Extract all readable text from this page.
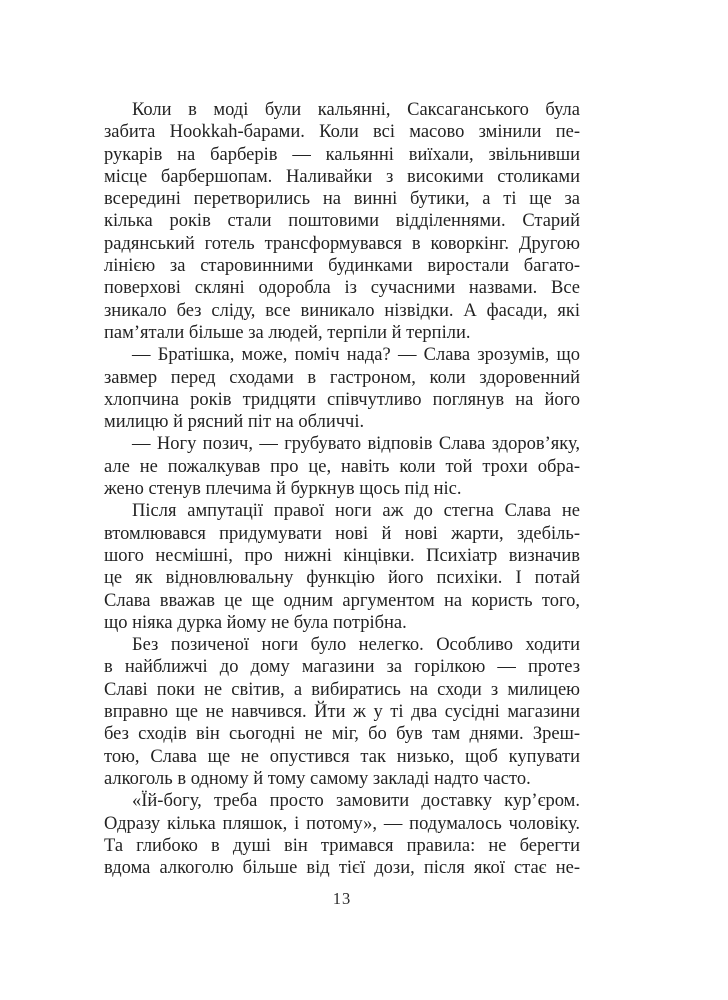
Коли в моді були кальянні, Саксаганського була
забита Hookkah-барами. Коли всі масово змінили пе-
рукарів на барберів — кальянні виїхали, звільнивши
місце барбершопам. Наливайки з високими столиками
всередині перетворились на винні бутики, а ті ще за
кілька років стали поштовими відділеннями. Старий
радянський готель трансформувався в коворкінг. Другою
лінією за старовинними будинками виростали багато-
поверхові скляні одоробла із сучасними назвами. Все
зникало без сліду, все виникало нізвідки. А фасади, які
пам’ятали більше за людей, терпіли й терпіли.
— Братішка, може, поміч нада? — Слава зрозумів, що
завмер перед сходами в гастроном, коли здоровенний
хлопчина років тридцяти співчутливо поглянув на його
милицю й рясний піт на обличчі.
— Ногу позич, — грубувато відповів Слава здоров’яку,
але не пожалкував про це, навіть коли той трохи обра-
жено стенув плечима й буркнув щось під ніс.
Після ампутації правої ноги аж до стегна Слава не
втомлювався придумувати нові й нові жарти, здебіль-
шого несмішні, про нижні кінцівки. Психіатр визначив
це як відновлювальну функцію його психіки. І потай
Слава вважав це ще одним аргументом на користь того,
що ніяка дурка йому не була потрібна.
Без позиченої ноги було нелегко. Особливо ходити
в найближчі до дому магазини за горілкою — протез
Славі поки не світив, а вибиратись на сходи з милицею
вправно ще не навчився. Йти ж у ті два сусідні магазини
без сходів він сьогодні не міг, бо був там днями. Зреш-
тою, Слава ще не опустився так низько, щоб купувати
алкоголь в одному й тому самому закладі надто часто.
«Їй-богу, треба просто замовити доставку кур’єром.
Одразу кілька пляшок, і потому», — подумалось чоловіку.
Та глибоко в душі він тримався правила: не берегти
вдома алкоголю більше від тієї дози, після якої стає не-
13
